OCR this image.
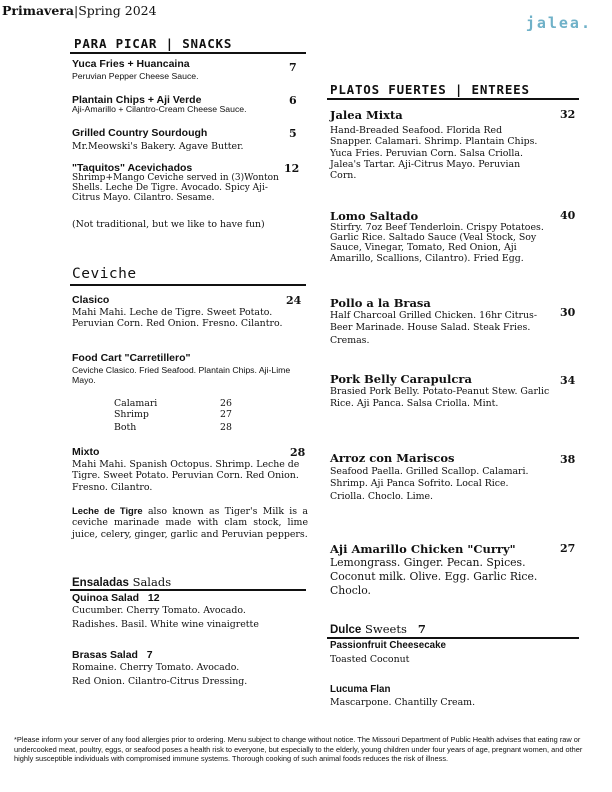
Primavera|Spring 2024
jalea.
PARA PICAR | SNACKS
Yuca Fries + Huancaina	7
Peruvian Pepper Cheese Sauce.
Plantain Chips + Aji Verde	6
Aji-Amarillo + Cilantro-Cream Cheese Sauce.
Grilled Country Sourdough	5
Mr.Meowski's Bakery. Agave Butter.
"Taquitos" Acevichados	12
Shrimp+Mango Ceviche served in (3)Wonton Shells. Leche De Tigre. Avocado. Spicy Aji-Citrus Mayo. Cilantro. Sesame.
(Not traditional, but we like to have fun)
Ceviche
Clasico	24
Mahi Mahi. Leche de Tigre. Sweet Potato. Peruvian Corn. Red Onion. Fresno. Cilantro.
Food Cart "Carretillero"
Ceviche Clasico. Fried Seafood. Plantain Chips. Aji-Lime Mayo.
Calamari	26
Shrimp	27
Both	28
Mixto	28
Mahi Mahi. Spanish Octopus. Shrimp. Leche de Tigre. Sweet Potato. Peruvian Corn. Red Onion. Fresno. Cilantro.
Leche de Tigre also known as Tiger's Milk is a ceviche marinade made with clam stock, lime juice, celery, ginger, garlic and Peruvian peppers.
Ensaladas Salads
Quinoa Salad 12
Cucumber. Cherry Tomato. Avocado.
Radishes. Basil. White wine vinaigrette
Brasas Salad 7
Romaine. Cherry Tomato. Avocado.
Red Onion. Cilantro-Citrus Dressing.
PLATOS FUERTES | ENTREES
Jalea Mixta	32
Hand-Breaded Seafood. Florida Red Snapper. Calamari. Shrimp. Plantain Chips. Yuca Fries. Peruvian Corn. Salsa Criolla. Jalea's Tartar. Aji-Citrus Mayo. Peruvian Corn.
Lomo Saltado	40
Stirfry. 7oz Beef Tenderloin. Crispy Potatoes. Garlic Rice. Saltado Sauce (Veal Stock, Soy Sauce, Vinegar, Tomato, Red Onion, Aji Amarillo, Scallions, Cilantro). Fried Egg.
Pollo a la Brasa
30
Half Charcoal Grilled Chicken. 16hr Citrus-Beer Marinade. House Salad. Steak Fries. Cremas.
Pork Belly Carapulcra	34
Brasied Pork Belly. Potato-Peanut Stew. Garlic Rice. Aji Panca. Salsa Criolla. Mint.
Arroz con Mariscos	38
Seafood Paella. Grilled Scallop. Calamari. Shrimp. Aji Panca Sofrito. Local Rice. Criolla. Choclo. Lime.
Aji Amarillo Chicken "Curry"	27
Lemongrass. Ginger. Pecan. Spices. Coconut milk. Olive. Egg. Garlic Rice. Choclo.
Dulce Sweets 7
Passionfruit Cheesecake
Toasted Coconut
Lucuma Flan
Mascarpone. Chantilly Cream.
*Please inform your server of any food allergies prior to ordering. Menu subject to change without notice. The Missouri Department of Public Health advises that eating raw or undercooked meat, poultry, eggs, or seafood poses a health risk to everyone, but especially to the elderly, young children under four years of age, pregnant women, and other highly susceptible individuals with compromised immune systems. Thorough cooking of such animal foods reduces the risk of illness.
